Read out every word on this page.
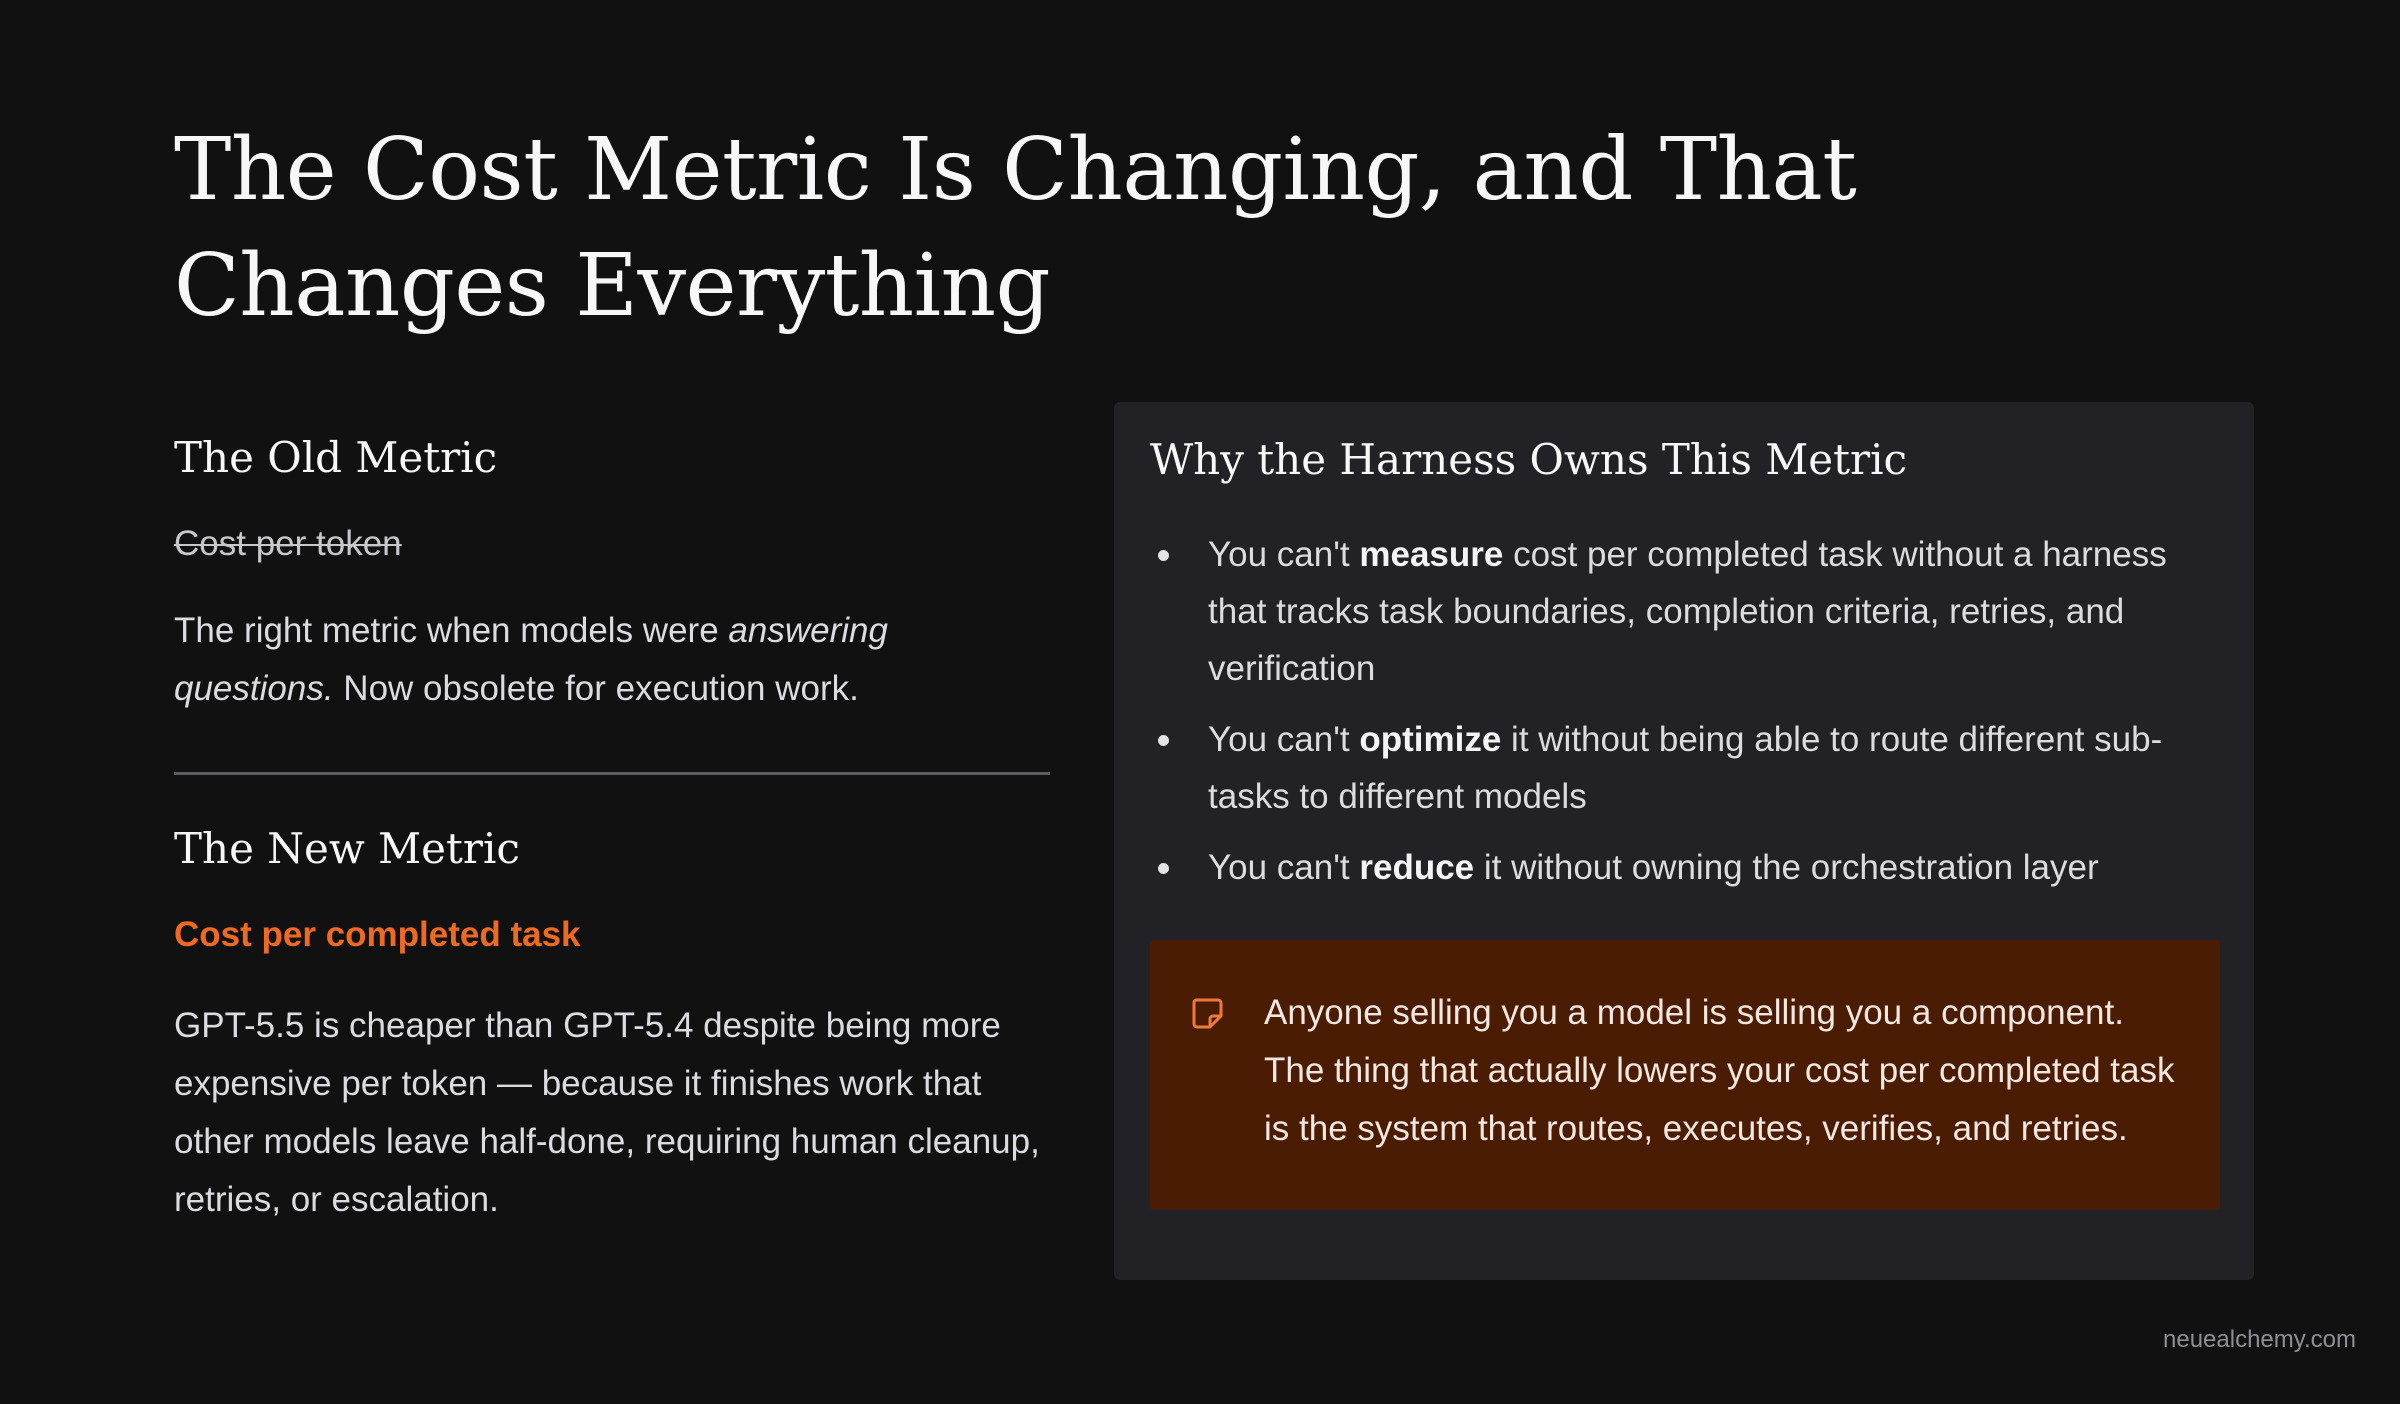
The Cost Metric Is Changing, and That Changes Everything
The Old Metric
Cost per token
The right metric when models were answering questions. Now obsolete for execution work.
The New Metric
Cost per completed task
GPT-5.5 is cheaper than GPT-5.4 despite being more expensive per token — because it finishes work that other models leave half-done, requiring human cleanup, retries, or escalation.
Why the Harness Owns This Metric
You can't measure cost per completed task without a harness that tracks task boundaries, completion criteria, retries, and verification
You can't optimize it without being able to route different sub-tasks to different models
You can't reduce it without owning the orchestration layer
Anyone selling you a model is selling you a component. The thing that actually lowers your cost per completed task is the system that routes, executes, verifies, and retries.
neuealchemy.com
